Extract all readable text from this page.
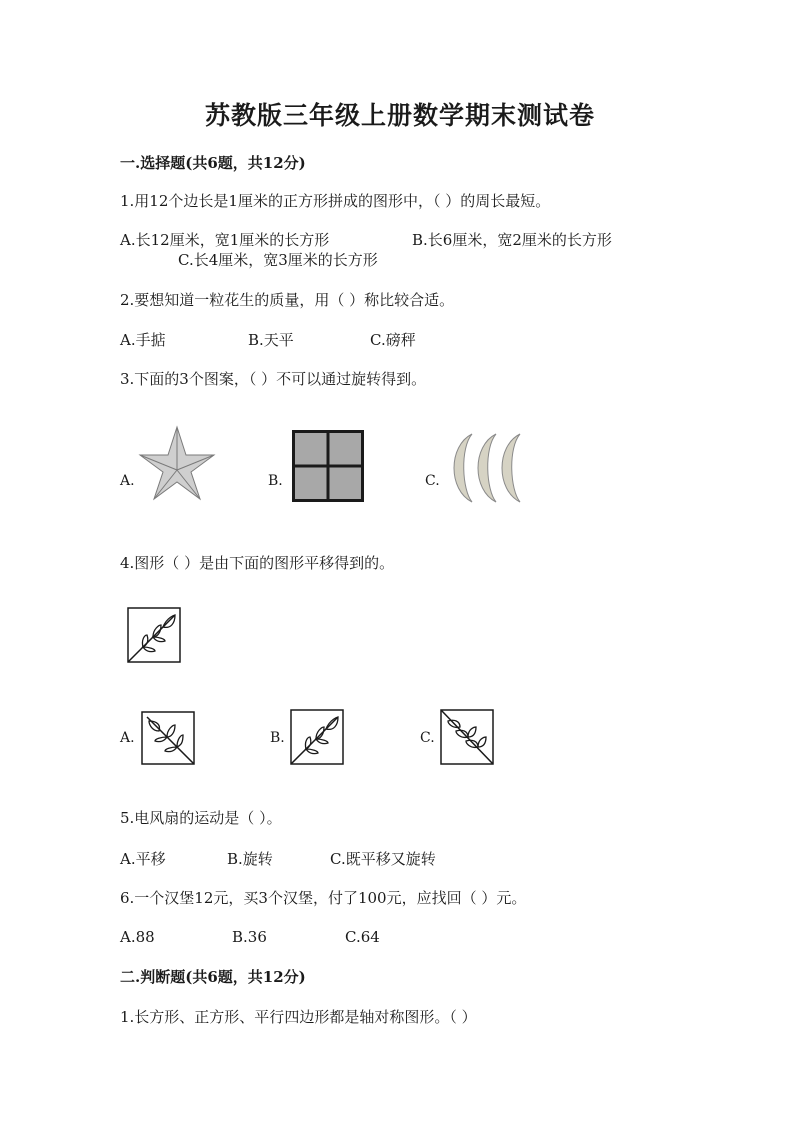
苏教版三年级上册数学期末测试卷
一.选择题(共6题，共12分)
1.用12个边长是1厘米的正方形拼成的图形中，（ ）的周长最短。
A.长12厘米，宽1厘米的长方形	B.长6厘米，宽2厘米的长方形
C.长4厘米，宽3厘米的长方形
2.要想知道一粒花生的质量，用（ ）称比较合适。
A.手掂	B.天平	C.磅秤
3.下面的3个图案，（ ）不可以通过旋转得到。
A.	B.	C.
4.图形（ ）是由下面的图形平移得到的。
A.	B.	C.
5.电风扇的运动是（ ）。
A.平移	B.旋转	C.既平移又旋转
6.一个汉堡12元，买3个汉堡，付了100元，应找回（ ）元。
A.88	B.36	C.64
二.判断题(共6题，共12分)
1.长方形、正方形、平行四边形都是轴对称图形。（ ）
